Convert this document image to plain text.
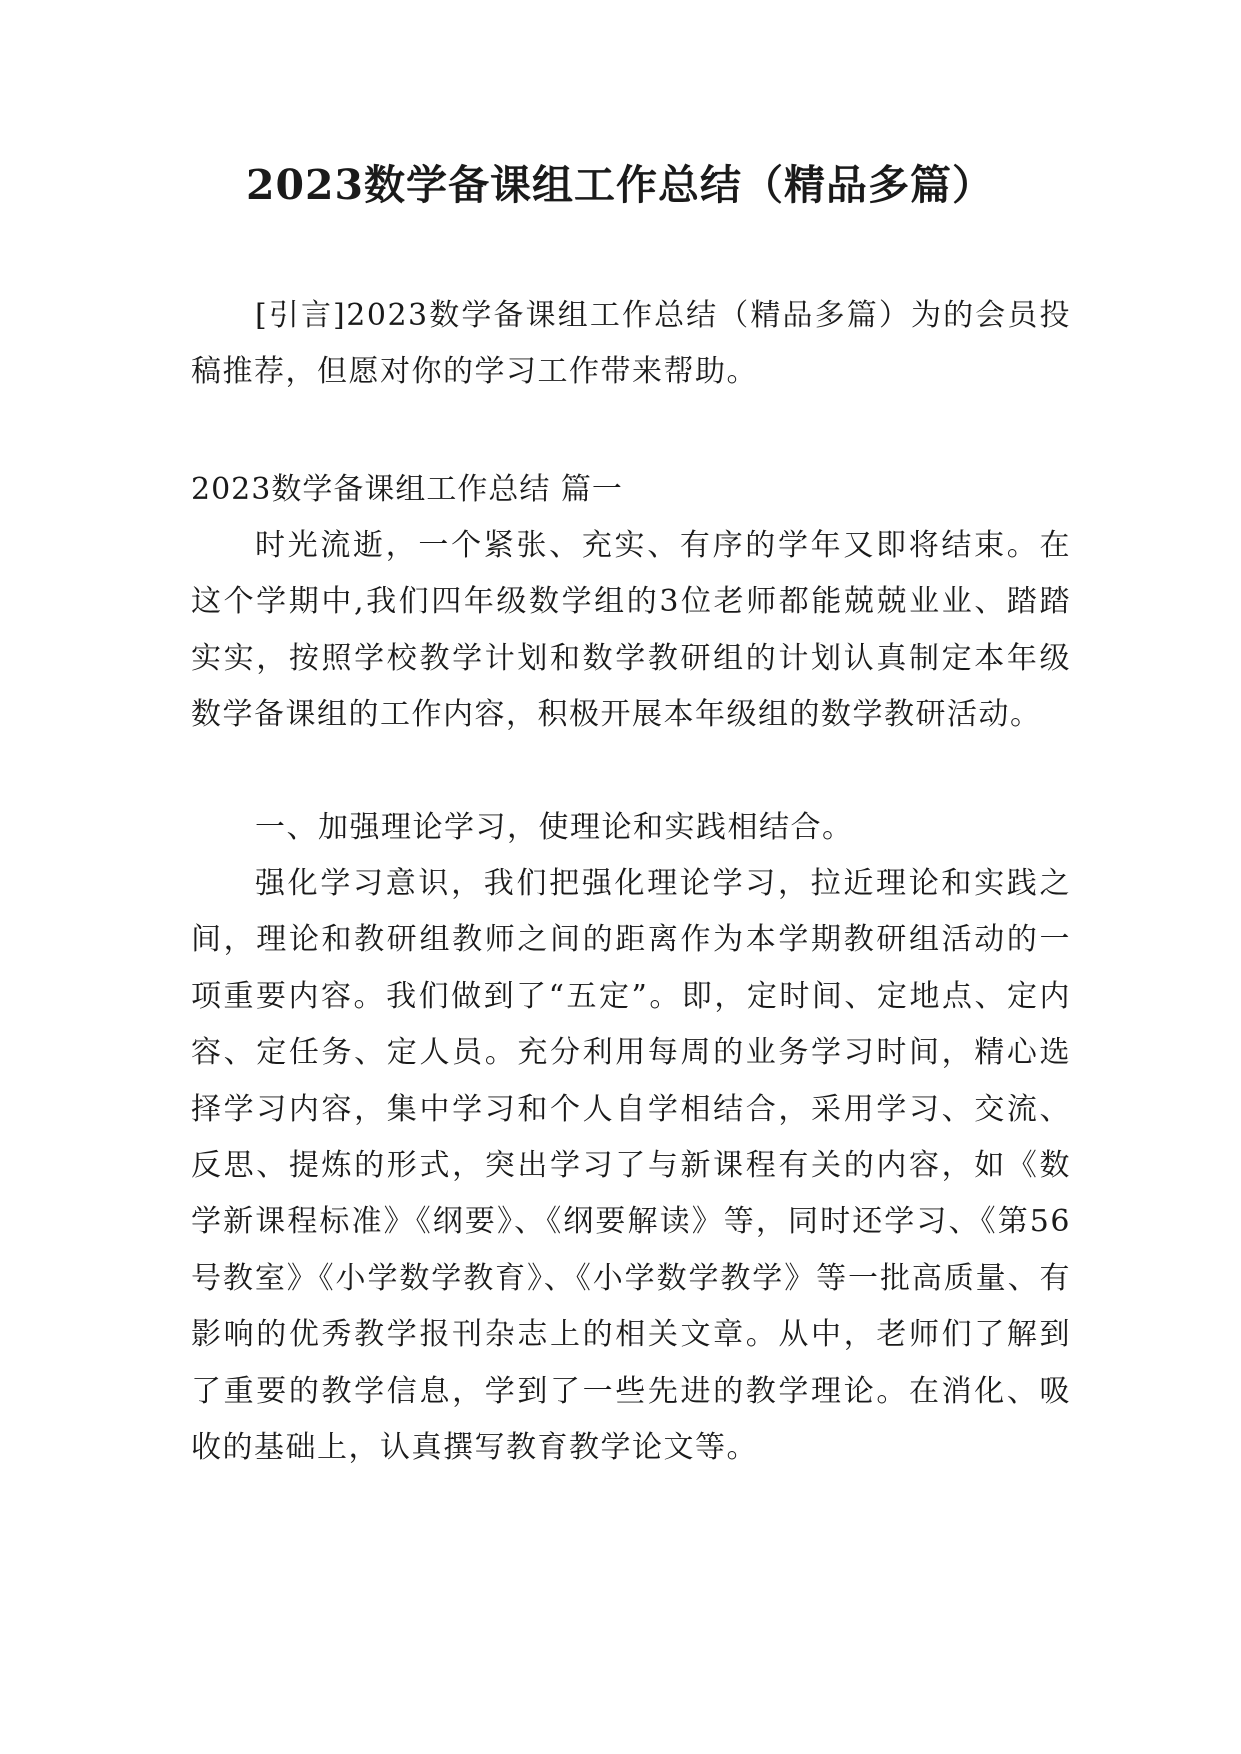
2023数学备课组工作总结（精品多篇）

[引言]2023数学备课组工作总结（精品多篇）为的会员投稿推荐，但愿对你的学习工作带来帮助。

2023数学备课组工作总结 篇一

时光流逝，一个紧张、充实、有序的学年又即将结束。在这个学期中,我们四年级数学组的3位老师都能兢兢业业、踏踏实实，按照学校教学计划和数学教研组的计划认真制定本年级数学备课组的工作内容，积极开展本年级组的数学教研活动。

一、加强理论学习，使理论和实践相结合。

强化学习意识，我们把强化理论学习，拉近理论和实践之间，理论和教研组教师之间的距离作为本学期教研组活动的一项重要内容。我们做到了“五定”。即，定时间、定地点、定内容、定任务、定人员。充分利用每周的业务学习时间，精心选择学习内容，集中学习和个人自学相结合，采用学习、交流、反思、提炼的形式，突出学习了与新课程有关的内容，如《数学新课程标准》《纲要》、《纲要解读》等，同时还学习、《第56号教室》《小学数学教育》、《小学数学教学》等一批高质量、有影响的优秀教学报刊杂志上的相关文章。从中，老师们了解到了重要的教学信息，学到了一些先进的教学理论。在消化、吸收的基础上，认真撰写教育教学论文等。
